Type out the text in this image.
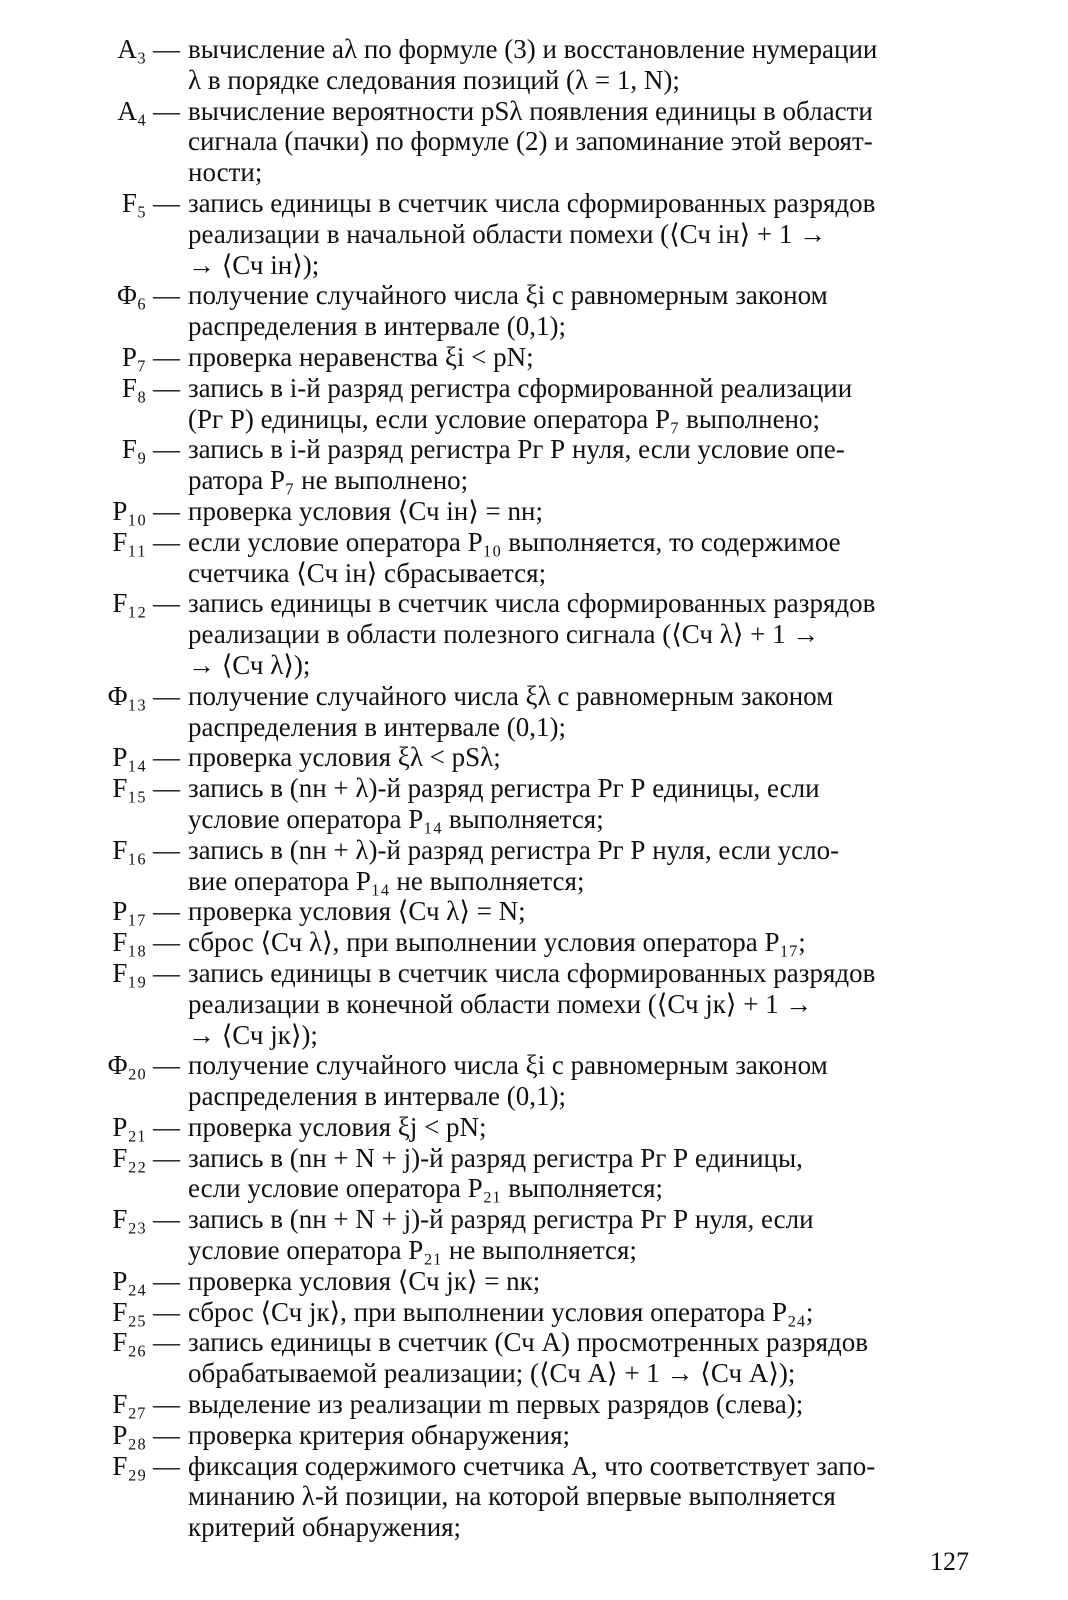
A₃ — вычисление aλ по формуле (3) и восстановление нумерации
λ в порядке следования позиций (λ = 1, N);
A₄ — вычисление вероятности pSλ появления единицы в области
сигнала (пачки) по формуле (2) и запоминание этой вероят-
ности;
F₅ — запись единицы в счетчик числа сформированных разрядов
реализации в начальной области помехи (⟨Сч iн⟩ + 1 →
→ ⟨Сч iн⟩);
Φ₆ — получение случайного числа ξi с равномерным законом
распределения в интервале (0,1);
P₇ — проверка неравенства ξi < pN;
F₈ — запись в i-й разряд регистра сформированной реализации
(Рг Р) единицы, если условие оператора P₇ выполнено;
F₉ — запись в i-й разряд регистра Рг Р нуля, если условие опе-
ратора P₇ не выполнено;
P₁₀ — проверка условия ⟨Сч iн⟩ = nн;
F₁₁ — если условие оператора P₁₀ выполняется, то содержимое
счетчика ⟨Сч iн⟩ сбрасывается;
F₁₂ — запись единицы в счетчик числа сформированных разрядов
реализации в области полезного сигнала (⟨Сч λ⟩ + 1 →
→ ⟨Сч λ⟩);
Φ₁₃ — получение случайного числа ξλ с равномерным законом
распределения в интервале (0,1);
P₁₄ — проверка условия ξλ < pSλ;
F₁₅ — запись в (nн + λ)-й разряд регистра Рг Р единицы, если
условие оператора P₁₄ выполняется;
F₁₆ — запись в (nн + λ)-й разряд регистра Рг Р нуля, если усло-
вие оператора P₁₄ не выполняется;
P₁₇ — проверка условия ⟨Сч λ⟩ = N;
F₁₈ — сброс ⟨Сч λ⟩, при выполнении условия оператора P₁₇;
F₁₉ — запись единицы в счетчик числа сформированных разрядов
реализации в конечной области помехи (⟨Сч jк⟩ + 1 →
→ ⟨Сч jк⟩);
Φ₂₀ — получение случайного числа ξi с равномерным законом
распределения в интервале (0,1);
P₂₁ — проверка условия ξj < pN;
F₂₂ — запись в (nн + N + j)-й разряд регистра Рг Р единицы,
если условие оператора P₂₁ выполняется;
F₂₃ — запись в (nн + N + j)-й разряд регистра Рг Р нуля, если
условие оператора P₂₁ не выполняется;
P₂₄ — проверка условия ⟨Сч jк⟩ = nк;
F₂₅ — сброс ⟨Сч jк⟩, при выполнении условия оператора P₂₄;
F₂₆ — запись единицы в счетчик (Сч А) просмотренных разрядов
обрабатываемой реализации; (⟨Сч А⟩ + 1 → ⟨Сч А⟩);
F₂₇ — выделение из реализации m первых разрядов (слева);
P₂₈ — проверка критерия обнаружения;
F₂₉ — фиксация содержимого счетчика А, что соответствует запо-
минанию λ-й позиции, на которой впервые выполняется
критерий обнаружения;
127
